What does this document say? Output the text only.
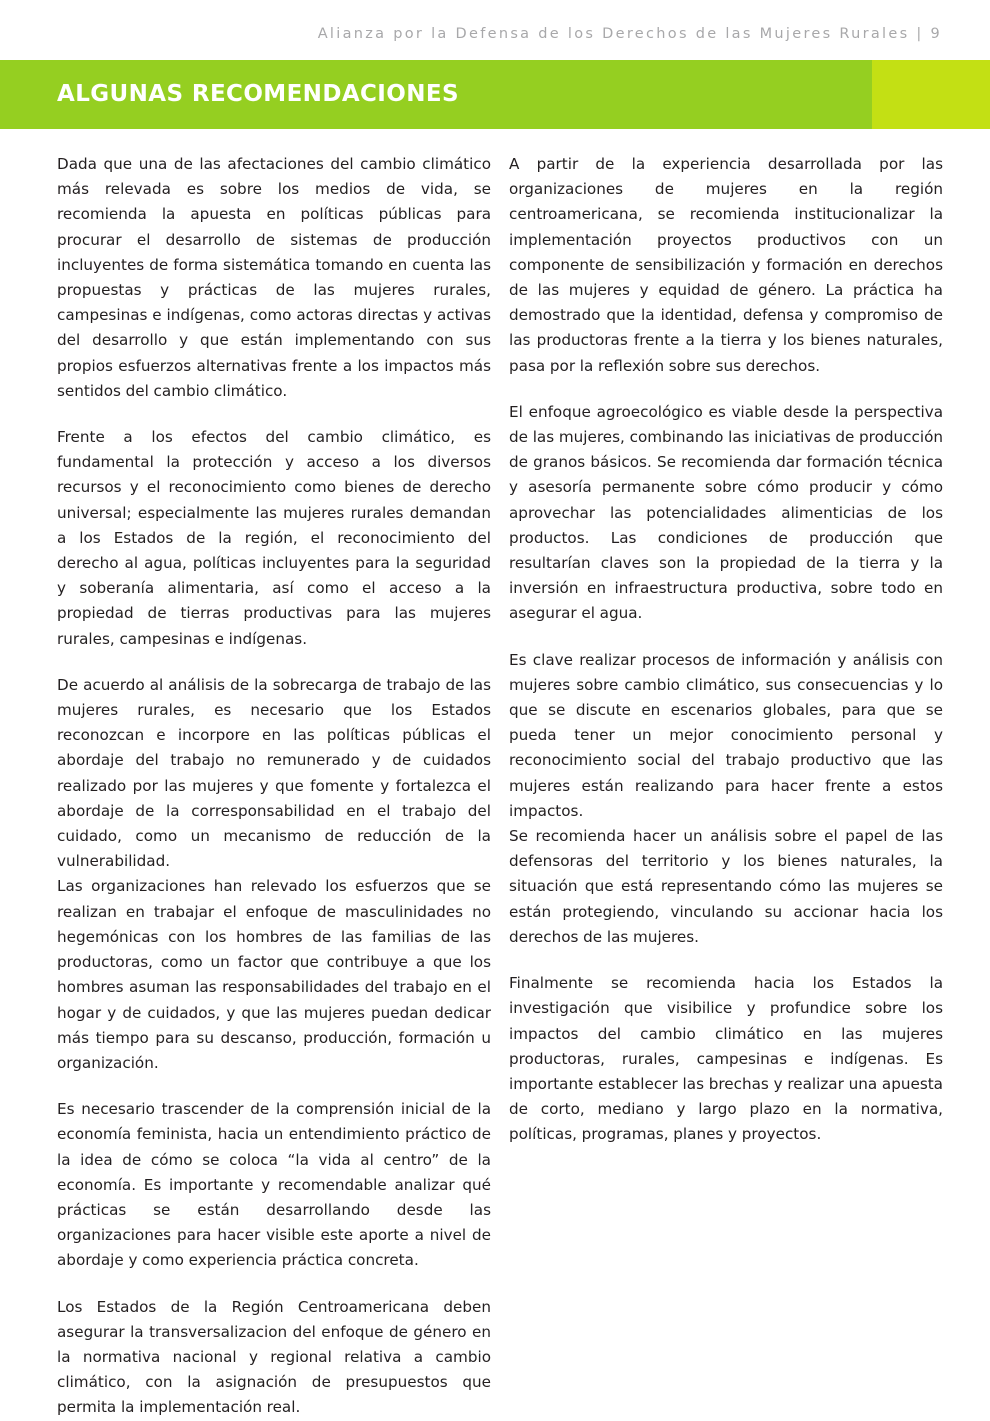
Alianza por la Defensa de los Derechos de las Mujeres Rurales | 9
ALGUNAS RECOMENDACIONES

Dada que una de las afectaciones del cambio climático más relevada es sobre los medios de vida, se recomienda la apuesta en políticas públicas para procurar el desarrollo de sistemas de producción incluyentes de forma sistemática tomando en cuenta las propuestas y prácticas de las mujeres rurales, campesinas e indígenas, como actoras directas y activas del desarrollo y que están implementando con sus propios esfuerzos alternativas frente a los impactos más sentidos del cambio climático.

Frente a los efectos del cambio climático, es fundamental la protección y acceso a los diversos recursos y el reconocimiento como bienes de derecho universal; especialmente las mujeres rurales demandan a los Estados de la región, el reconocimiento del derecho al agua, políticas incluyentes para la seguridad y soberanía alimentaria, así como el acceso a la propiedad de tierras productivas para las mujeres rurales, campesinas e indígenas.

De acuerdo al análisis de la sobrecarga de trabajo de las mujeres rurales, es necesario que los Estados reconozcan e incorpore en las políticas públicas el abordaje del trabajo no remunerado y de cuidados realizado por las mujeres y que fomente y fortalezca el abordaje de la corresponsabilidad en el trabajo del cuidado, como un mecanismo de reducción de la vulnerabilidad.

Las organizaciones han relevado los esfuerzos que se realizan en trabajar el enfoque de masculinidades no hegemónicas con los hombres de las familias de las productoras, como un factor que contribuye a que los hombres asuman las responsabilidades del trabajo en el hogar y de cuidados, y que las mujeres puedan dedicar más tiempo para su descanso, producción, formación u organización.

Es necesario trascender de la comprensión inicial de la economía feminista, hacia un entendimiento práctico de la idea de cómo se coloca “la vida al centro” de la economía. Es importante y recomendable analizar qué prácticas se están desarrollando desde las organizaciones para hacer visible este aporte a nivel de abordaje y como experiencia práctica concreta.

Los Estados de la Región Centroamericana deben asegurar la transversalizacion del enfoque de género en la normativa nacional y regional relativa a cambio climático, con la asignación de presupuestos que permita la implementación real.

A partir de la experiencia desarrollada por las organizaciones de mujeres en la región centroamericana, se recomienda institucionalizar la implementación proyectos productivos con un componente de sensibilización y formación en derechos de las mujeres y equidad de género. La práctica ha demostrado que la identidad, defensa y compromiso de las productoras frente a la tierra y los bienes naturales, pasa por la reflexión sobre sus derechos.

El enfoque agroecológico es viable desde la perspectiva de las mujeres, combinando las iniciativas de producción de granos básicos. Se recomienda dar formación técnica y asesoría permanente sobre cómo producir y cómo aprovechar las potencialidades alimenticias de los productos. Las condiciones de producción que resultarían claves son la propiedad de la tierra y la inversión en infraestructura productiva, sobre todo en asegurar el agua.

Es clave realizar procesos de información y análisis con mujeres sobre cambio climático, sus consecuencias y lo que se discute en escenarios globales, para que se pueda tener un mejor conocimiento personal y reconocimiento social del trabajo productivo que las mujeres están realizando para hacer frente a estos impactos.

Se recomienda hacer un análisis sobre el papel de las defensoras del territorio y los bienes naturales, la situación que está representando cómo las mujeres se están protegiendo, vinculando su accionar hacia los derechos de las mujeres.

Finalmente se recomienda hacia los Estados la investigación que visibilice y profundice sobre los impactos del cambio climático en las mujeres productoras, rurales, campesinas e indígenas. Es importante establecer las brechas y realizar una apuesta de corto, mediano y largo plazo en la normativa, políticas, programas, planes y proyectos.
